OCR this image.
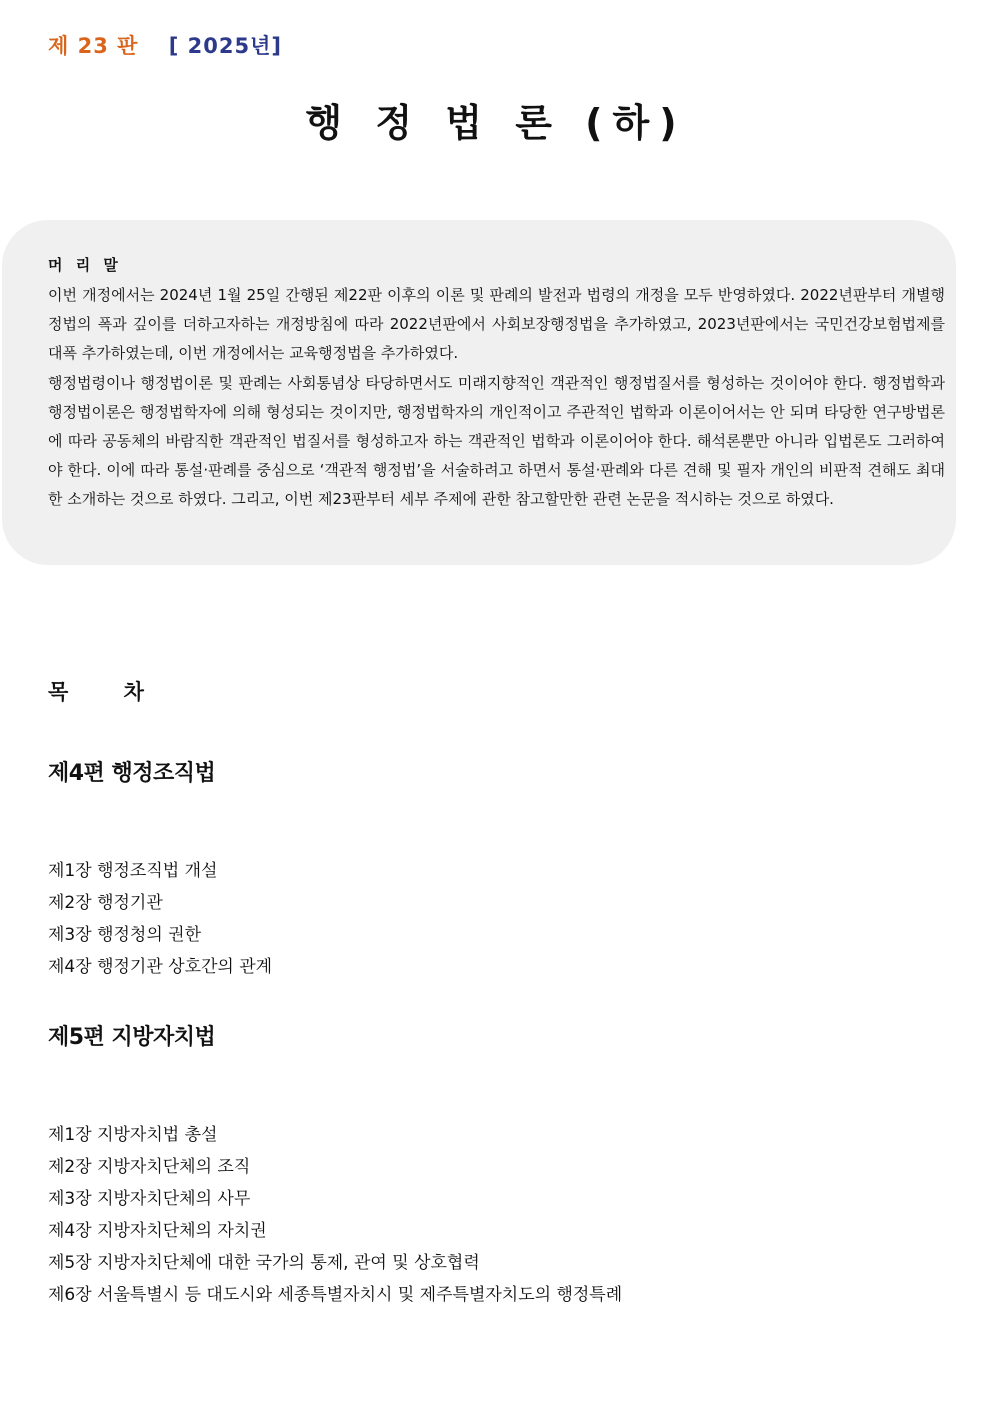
제 23 판 [ 2025년]
행 정 법 론 (하)
머 리 말

이번 개정에서는 2024년 1월 25일 간행된 제22판 이후의 이론 및 판례의 발전과 법령의 개정을 모두 반영하였다. 2022년판부터 개별행정법의 폭과 깊이를 더하고자하는 개정방침에 따라 2022년판에서 사회보장행정법을 추가하였고, 2023년판에서는 국민건강보험법제를 대폭 추가하였는데, 이번 개정에서는 교육행정법을 추가하였다.

행정법령이나 행정법이론 및 판례는 사회통념상 타당하면서도 미래지향적인 객관적인 행정법질서를 형성하는 것이어야 한다. 행정법학과 행정법이론은 행정법학자에 의해 형성되는 것이지만, 행정법학자의 개인적이고 주관적인 법학과 이론이어서는 안 되며 타당한 연구방법론에 따라 공동체의 바람직한 객관적인 법질서를 형성하고자 하는 객관적인 법학과 이론이어야 한다. 해석론뿐만 아니라 입법론도 그러하여야 한다. 이에 따라 통설·판례를 중심으로 ‘객관적 행정법’을 서술하려고 하면서 통설·판례와 다른 견해 및 필자 개인의 비판적 견해도 최대한 소개하는 것으로 하였다. 그리고, 이번 제23판부터 세부 주제에 관한 참고할만한 관련 논문을 적시하는 것으로 하였다.

목 차
제4편 행정조직법
제1장 행정조직법 개설
제2장 행정기관
제3장 행정청의 권한
제4장 행정기관 상호간의 관계
제5편 지방자치법
제1장 지방자치법 총설
제2장 지방자치단체의 조직
제3장 지방자치단체의 사무
제4장 지방자치단체의 자치권
제5장 지방자치단체에 대한 국가의 통제, 관여 및 상호협력
제6장 서울특별시 등 대도시와 세종특별자치시 및 제주특별자치도의 행정특례
